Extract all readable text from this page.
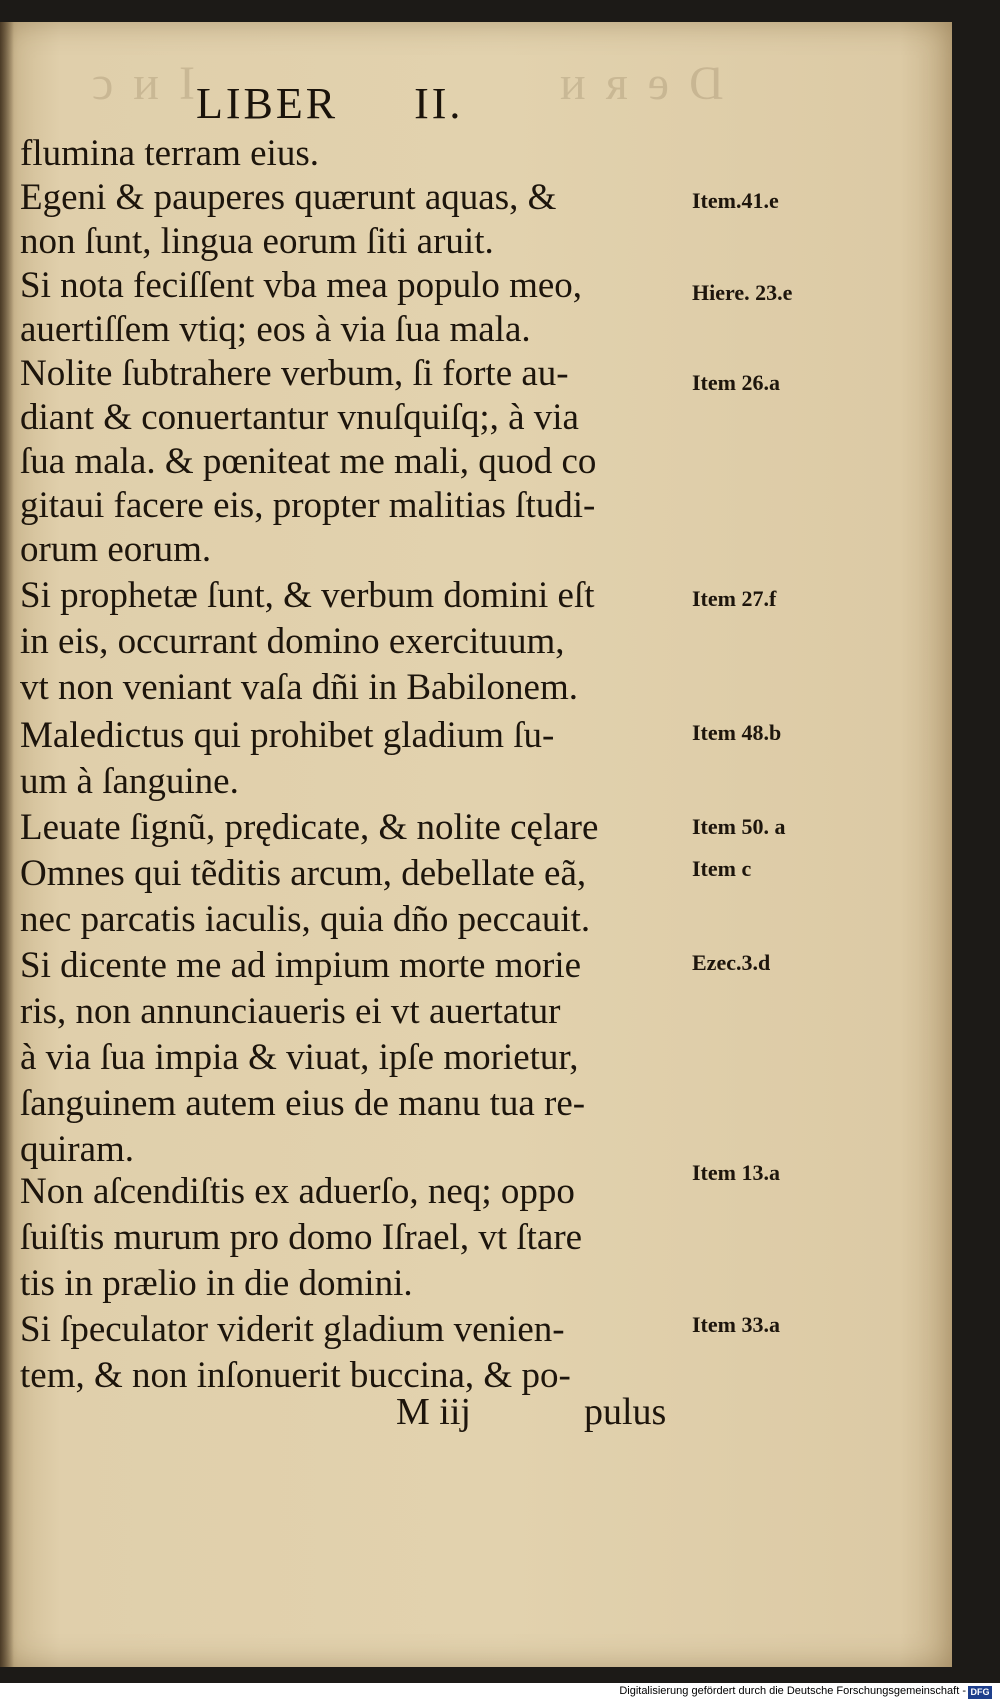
ↄ ᴎ I	ᴎ ᴙ ɘ Ɑ
LIBER II.
flumina terram eius.
Egeni & pauperes quærunt aquas, &
non ſunt, lingua eorum ſiti aruit.
Si nota feciſſent vba mea populo meo,
auertiſſem vtiq; eos à via ſua mala.
Nolite ſubtrahere verbum, ſi forte au-
diant & conuertantur vnuſquiſq;, à via
ſua mala. & pœniteat me mali, quod co
gitaui facere eis, propter malitias ſtudi-
orum eorum.
Si prophetæ ſunt, & verbum domini eſt
in eis, occurrant domino exercituum,
vt non veniant vaſa dñi in Babilonem.
Maledictus qui prohibet gladium ſu-
um à ſanguine.
Leuate ſignũ, prędicate, & nolite cęlare
Omnes qui tẽditis arcum, debellate eã,
nec parcatis iaculis, quia dño peccauit.
Si dicente me ad impium morte morie
ris, non annunciaueris ei vt auertatur
à via ſua impia & viuat, ipſe morietur,
ſanguinem autem eius de manu tua re-
quiram.
Non aſcendiſtis ex aduerſo, neq; oppo
ſuiſtis murum pro domo Iſrael, vt ſtare
tis in prælio in die domini.
Si ſpeculator viderit gladium venien-
tem, & non inſonuerit buccina, & po-
Item.41.e
Hiere. 23.e
Item 26.a
Item 27.f
Item 48.b
Item 50. a
Item c
Ezec.3.d
Item 13.a
Item 33.a
M iij	pulus
Digitalisierung gefördert durch die Deutsche Forschungsgemeinschaft - DFG
